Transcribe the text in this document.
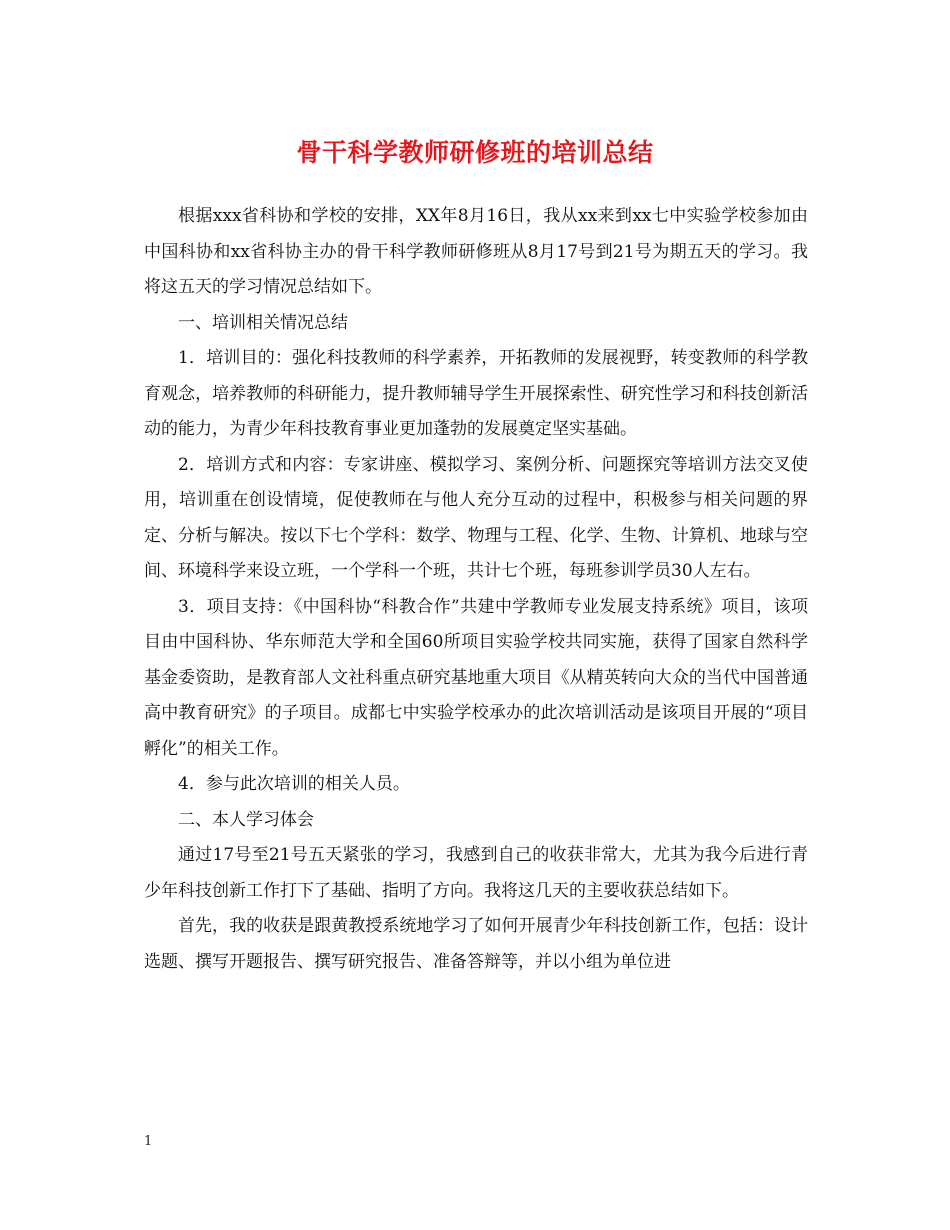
骨干科学教师研修班的培训总结

根据xxx省科协和学校的安排，XX年8月16日，我从xx来到xx七中实验学校参加由中国科协和xx省科协主办的骨干科学教师研修班从8月17号到21号为期五天的学习。我将这五天的学习情况总结如下。

一、培训相关情况总结

1．培训目的：强化科技教师的科学素养，开拓教师的发展视野，转变教师的科学教育观念，培养教师的科研能力，提升教师辅导学生开展探索性、研究性学习和科技创新活动的能力，为青少年科技教育事业更加蓬勃的发展奠定坚实基础。

2．培训方式和内容：专家讲座、模拟学习、案例分析、问题探究等培训方法交叉使用，培训重在创设情境，促使教师在与他人充分互动的过程中，积极参与相关问题的界定、分析与解决。按以下七个学科：数学、物理与工程、化学、生物、计算机、地球与空间、环境科学来设立班，一个学科一个班，共计七个班，每班参训学员30人左右。

3．项目支持：《中国科协“科教合作”共建中学教师专业发展支持系统》项目，该项目由中国科协、华东师范大学和全国60所项目实验学校共同实施，获得了国家自然科学基金委资助，是教育部人文社科重点研究基地重大项目《从精英转向大众的当代中国普通高中教育研究》的子项目。成都七中实验学校承办的此次培训活动是该项目开展的“项目孵化”的相关工作。

4．参与此次培训的相关人员。

二、本人学习体会

通过17号至21号五天紧张的学习，我感到自己的收获非常大，尤其为我今后进行青少年科技创新工作打下了基础、指明了方向。我将这几天的主要收获总结如下。

首先，我的收获是跟黄教授系统地学习了如何开展青少年科技创新工作，包括：设计选题、撰写开题报告、撰写研究报告、准备答辩等，并以小组为单位进

1
